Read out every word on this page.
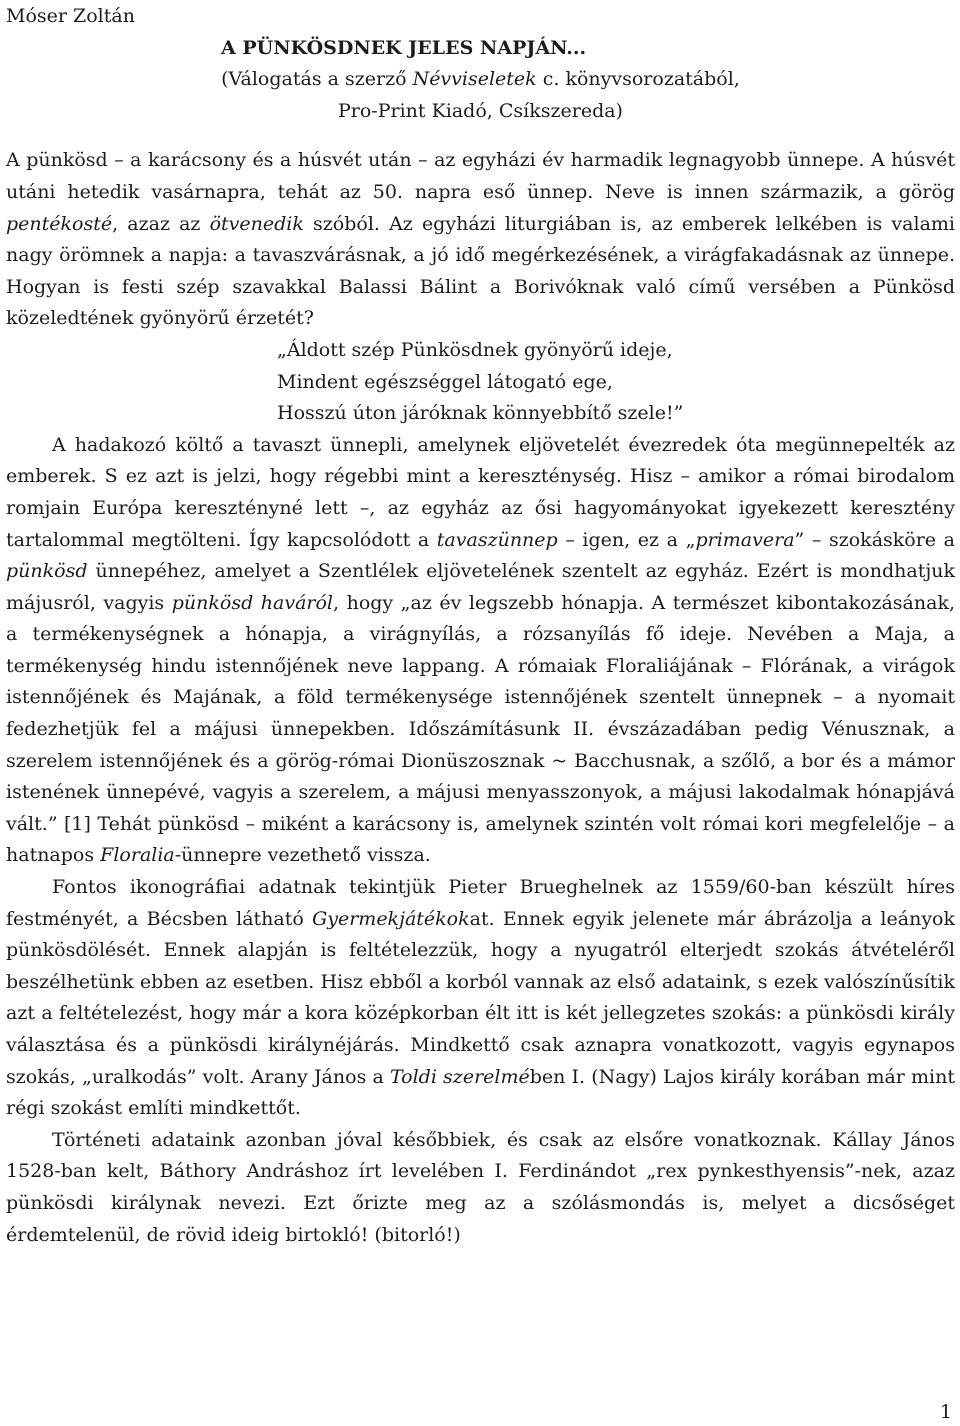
Móser Zoltán
A PÜNKÖSDNEK JELES NAPJÁN...
(Válogatás a szerző Névviseletek c. könyvsorozatából,
Pro-Print Kiadó, Csíkszereda)

A pünkösd – a karácsony és a húsvét után – az egyházi év harmadik legnagyobb ünnepe. A húsvét utáni hetedik vasárnapra, tehát az 50. napra eső ünnep. Neve is innen származik, a görög pentékosté, azaz az ötvenedik szóból. Az egyházi liturgiában is, az emberek lelkében is valami nagy örömnek a napja: a tavaszvárásnak, a jó idő megérkezésének, a virágfakadásnak az ünnepe. Hogyan is festi szép szavakkal Balassi Bálint a Borivóknak való című versében a Pünkösd közeledtének gyönyörű érzetét?

„Áldott szép Pünkösdnek gyönyörű ideje,
Mindent egészséggel látogató ege,
Hosszú úton járóknak könnyebbítő szele!”

A hadakozó költő a tavaszt ünnepli, amelynek eljövetelét évezredek óta megünnepelték az emberek. S ez azt is jelzi, hogy régebbi mint a kereszténység. Hisz – amikor a római birodalom romjain Európa keresztényné lett –, az egyház az ősi hagyományokat igyekezett keresztény tartalommal megtölteni. Így kapcsolódott a tavaszünnep – igen, ez a „primavera” – szokásköre a pünkösd ünnepéhez, amelyet a Szentlélek eljövetelének szentelt az egyház. Ezért is mondhatjuk májusról, vagyis pünkösd haváról, hogy „az év legszebb hónapja. A természet kibontakozásának, a termékenységnek a hónapja, a virágnyílás, a rózsanyílás fő ideje. Nevében a Maja, a termékenység hindu istennőjének neve lappang. A rómaiak Floraliájának – Flórának, a virágok istennőjének és Majának, a föld termékenysége istennőjének szentelt ünnepnek – a nyomait fedezhetjük fel a májusi ünnepekben. Időszámításunk II. évszázadában pedig Vénusznak, a szerelem istennőjének és a görög-római Dionüszosznak ~ Bacchusnak, a szőlő, a bor és a mámor istenének ünnepévé, vagyis a szerelem, a májusi menyasszonyok, a májusi lakodalmak hónapjává vált.” [1] Tehát pünkösd – miként a karácsony is, amelynek szintén volt római kori megfelelője – a hatnapos Floralia-ünnepre vezethető vissza.

Fontos ikonográfiai adatnak tekintjük Pieter Brueghelnek az 1559/60-ban készült híres festményét, a Bécsben látható Gyermekjátékokat. Ennek egyik jelenete már ábrázolja a leányok pünkösdölését. Ennek alapján is feltételezzük, hogy a nyugatról elterjedt szokás átvételéről beszélhetünk ebben az esetben. Hisz ebből a korból vannak az első adataink, s ezek valószínűsítik azt a feltételezést, hogy már a kora középkorban élt itt is két jellegzetes szokás: a pünkösdi király választása és a pünkösdi királynéjárás. Mindkettő csak aznapra vonatkozott, vagyis egynapos szokás, „uralkodás” volt. Arany János a Toldi szerelmében I. (Nagy) Lajos király korában már mint régi szokást említi mindkettőt.

Történeti adataink azonban jóval későbbiek, és csak az elsőre vonatkoznak. Kállay János 1528-ban kelt, Báthory Andráshoz írt levelében I. Ferdinándot „rex pynkesthyensis”-nek, azaz pünkösdi királynak nevezi. Ezt őrizte meg az a szólásmondás is, melyet a dicsőséget érdemtelenül, de rövid ideig birtokló! (bitorló!)

1
